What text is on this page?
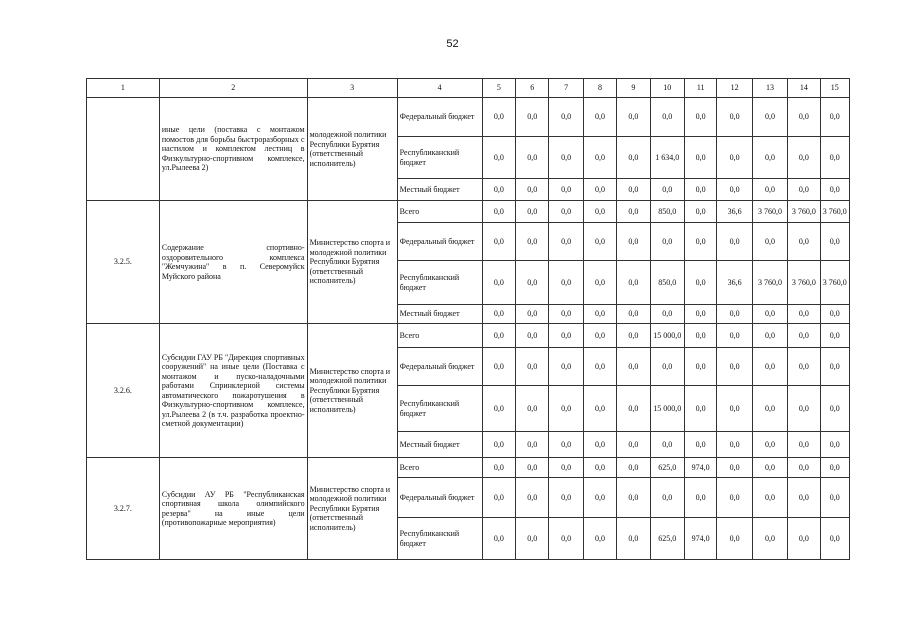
52
1	2	3	4	5	6	7	8	9	10	11	12	13	14	15
	иные цели (поставка с монтажом помостов для борьбы быстроразборных с настилом и комплектом лестниц в Физкультурно-спортивном комплексе, ул.Рылеева 2)	молодежной политики Республики Бурятия (ответственный исполнитель)	Федеральный бюджет	0,0	0,0	0,0	0,0	0,0	0,0	0,0	0,0	0,0	0,0	0,0
			Республиканский бюджет	0,0	0,0	0,0	0,0	0,0	1 634,0	0,0	0,0	0,0	0,0	0,0
			Местный бюджет	0,0	0,0	0,0	0,0	0,0	0,0	0,0	0,0	0,0	0,0	0,0
3.2.5.	Содержание спортивно-оздоровительного комплекса "Жемчужина" в п. Северомуйск Муйского района	Министерство спорта и молодежной политики Республики Бурятия (ответственный исполнитель)	Всего	0,0	0,0	0,0	0,0	0,0	850,0	0,0	36,6	3 760,0	3 760,0	3 760,0
			Федеральный бюджет	0,0	0,0	0,0	0,0	0,0	0,0	0,0	0,0	0,0	0,0	0,0
			Республиканский бюджет	0,0	0,0	0,0	0,0	0,0	850,0	0,0	36,6	3 760,0	3 760,0	3 760,0
			Местный бюджет	0,0	0,0	0,0	0,0	0,0	0,0	0,0	0,0	0,0	0,0	0,0
3.2.6.	Субсидии ГАУ РБ "Дирекция спортивных сооружений" на иные цели (Поставка с монтажом и пуско-наладочными работами Спринклерной системы автоматического пожаротушения в Физкультурно-спортивном комплексе, ул.Рылеева 2 (в т.ч. разработка проектно-сметной документации)	Министерство спорта и молодежной политики Республики Бурятия (ответственный исполнитель)	Всего	0,0	0,0	0,0	0,0	0,0	15 000,0	0,0	0,0	0,0	0,0	0,0
			Федеральный бюджет	0,0	0,0	0,0	0,0	0,0	0,0	0,0	0,0	0,0	0,0	0,0
			Республиканский бюджет	0,0	0,0	0,0	0,0	0,0	15 000,0	0,0	0,0	0,0	0,0	0,0
			Местный бюджет	0,0	0,0	0,0	0,0	0,0	0,0	0,0	0,0	0,0	0,0	0,0
3.2.7.	Субсидии АУ РБ "Республиканская спортивная школа олимпийского резерва" на иные цели (противопожарные мероприятия)	Министерство спорта и молодежной политики Республики Бурятия (ответственный исполнитель)	Всего	0,0	0,0	0,0	0,0	0,0	625,0	974,0	0,0	0,0	0,0	0,0
			Федеральный бюджет	0,0	0,0	0,0	0,0	0,0	0,0	0,0	0,0	0,0	0,0	0,0
			Республиканский бюджет	0,0	0,0	0,0	0,0	0,0	625,0	974,0	0,0	0,0	0,0	0,0
